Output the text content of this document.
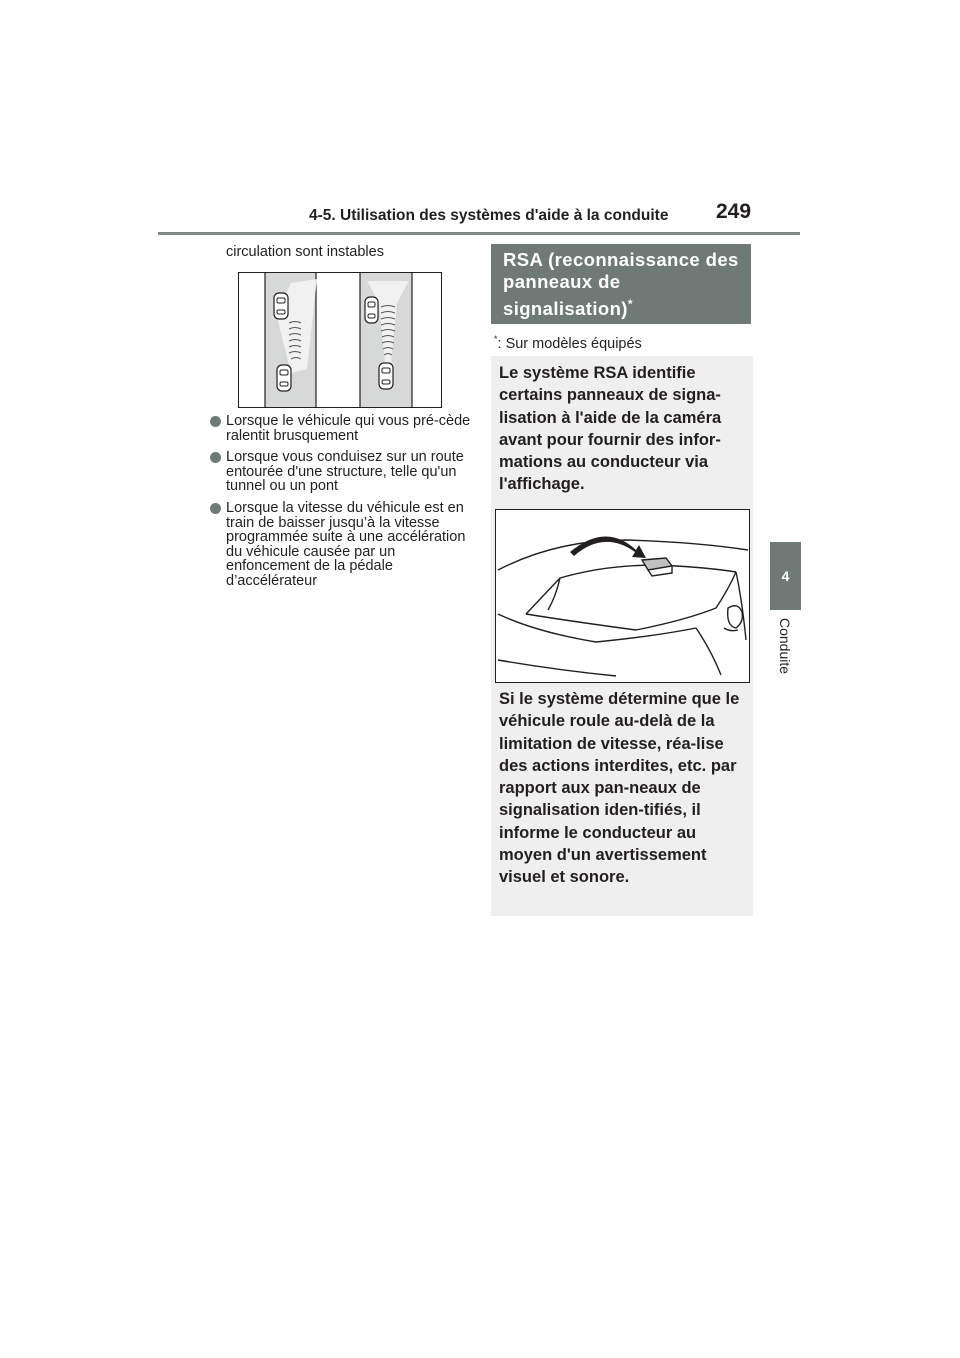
4-5. Utilisation des systèmes d'aide à la conduite	249
4
Conduite
circulation sont instables
Lorsque le véhicule qui vous pré-cède ralentit brusquement
Lorsque vous conduisez sur un route entourée d'une structure, telle qu'un tunnel ou un pont
Lorsque la vitesse du véhicule est en train de baisser jusqu’à la vitesse programmée suite à une accélération du véhicule causée par un enfoncement de la pédale d’accélérateur
RSA (reconnaissance des panneaux de signalisation)*
*: Sur modèles équipés
Le système RSA identifie certains panneaux de signa-lisation à l'aide de la caméra avant pour fournir des infor-mations au conducteur via l'affichage.
Si le système détermine que le véhicule roule au-delà de la limitation de vitesse, réa-lise des actions interdites, etc. par rapport aux pan-neaux de signalisation iden-tifiés, il informe le conducteur au moyen d'un avertissement visuel et sonore.
